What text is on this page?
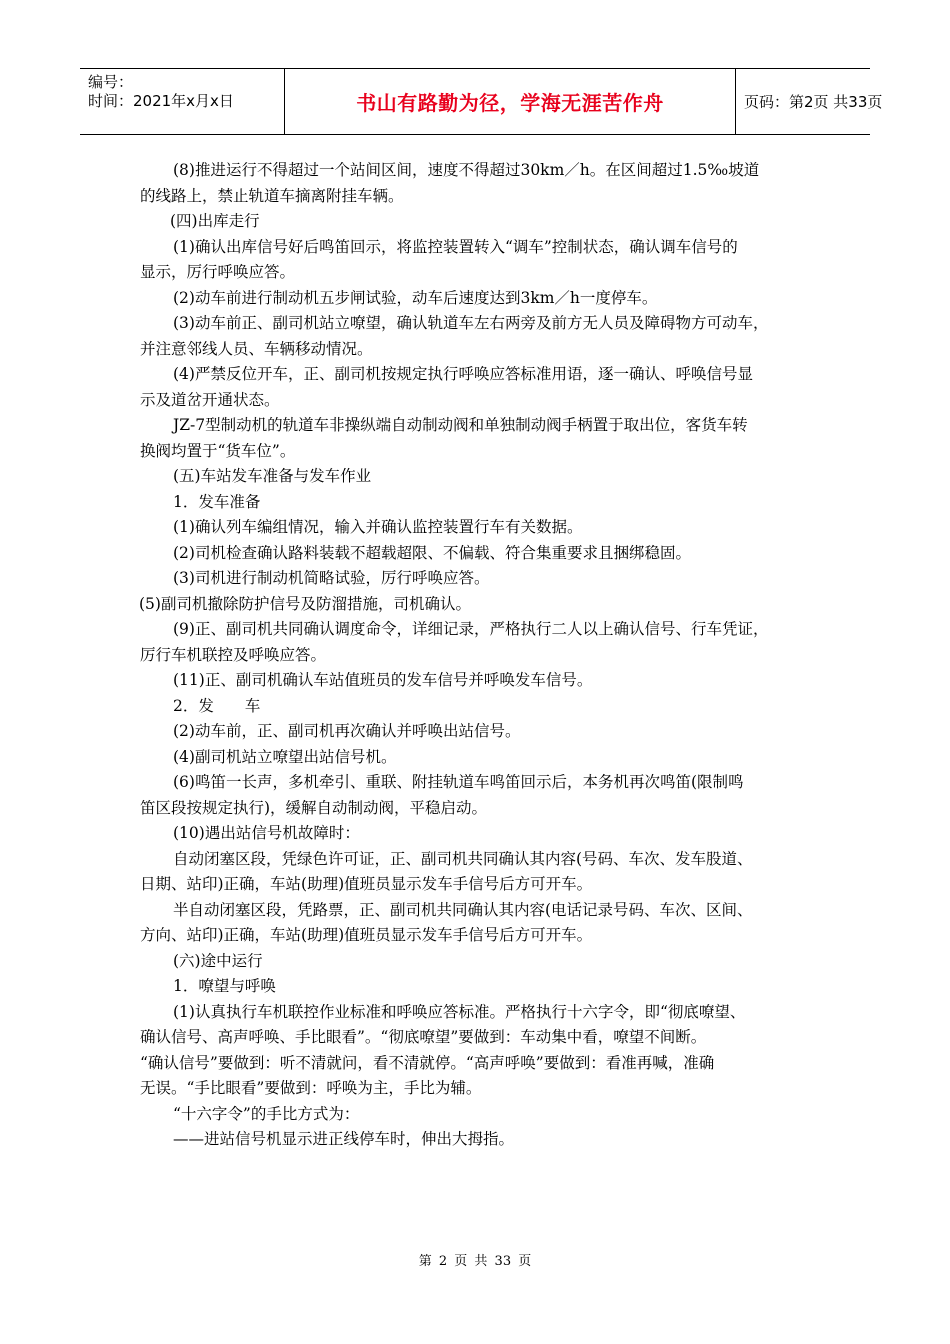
编号：
时间：2021年x月x日	书山有路勤为径，学海无涯苦作舟	页码：第2页 共33页
(8)推进运行不得超过一个站间区间，速度不得超过30km／h。在区间超过1.5‰坡道
的线路上，禁止轨道车摘离附挂车辆。
(四)出库走行
(1)确认出库信号好后鸣笛回示，将监控装置转入“调车”控制状态，确认调车信号的
显示，厉行呼唤应答。
(2)动车前进行制动机五步闸试验，动车后速度达到3km／h一度停车。
(3)动车前正、副司机站立嘹望，确认轨道车左右两旁及前方无人员及障碍物方可动车，
并注意邻线人员、车辆移动情况。
(4)严禁反位开车，正、副司机按规定执行呼唤应答标准用语，逐一确认、呼唤信号显
示及道岔开通状态。
JZ-7型制动机的轨道车非操纵端自动制动阀和单独制动阀手柄置于取出位，客货车转
换阀均置于“货车位”。
(五)车站发车准备与发车作业
1．发车准备
(1)确认列车编组情况，输入并确认监控装置行车有关数据。
(2)司机检查确认路料装载不超载超限、不偏载、符合集重要求且捆绑稳固。
(3)司机进行制动机简略试验，厉行呼唤应答。
(5)副司机撤除防护信号及防溜措施，司机确认。
(9)正、副司机共同确认调度命令，详细记录，严格执行二人以上确认信号、行车凭证，
厉行车机联控及呼唤应答。
(11)正、副司机确认车站值班员的发车信号并呼唤发车信号。
2．发　　车
(2)动车前，正、副司机再次确认并呼唤出站信号。
(4)副司机站立嘹望出站信号机。
(6)鸣笛一长声，多机牵引、重联、附挂轨道车鸣笛回示后，本务机再次鸣笛(限制鸣
笛区段按规定执行)，缓解自动制动阀，平稳启动。
(10)遇出站信号机故障时：
自动闭塞区段，凭绿色许可证，正、副司机共同确认其内容(号码、车次、发车股道、
日期、站印)正确，车站(助理)值班员显示发车手信号后方可开车。
半自动闭塞区段，凭路票，正、副司机共同确认其内容(电话记录号码、车次、区间、
方向、站印)正确，车站(助理)值班员显示发车手信号后方可开车。
(六)途中运行
1．嘹望与呼唤
(1)认真执行车机联控作业标准和呼唤应答标准。严格执行十六字令，即“彻底嘹望、
确认信号、高声呼唤、手比眼看”。“彻底嘹望”要做到：车动集中看，嘹望不间断。
“确认信号”要做到：听不清就问，看不清就停。“高声呼唤”要做到：看准再喊，准确
无误。“手比眼看”要做到：呼唤为主，手比为辅。
“十六字令”的手比方式为：
——进站信号机显示进正线停车时，伸出大拇指。
第 2 页 共 33 页
